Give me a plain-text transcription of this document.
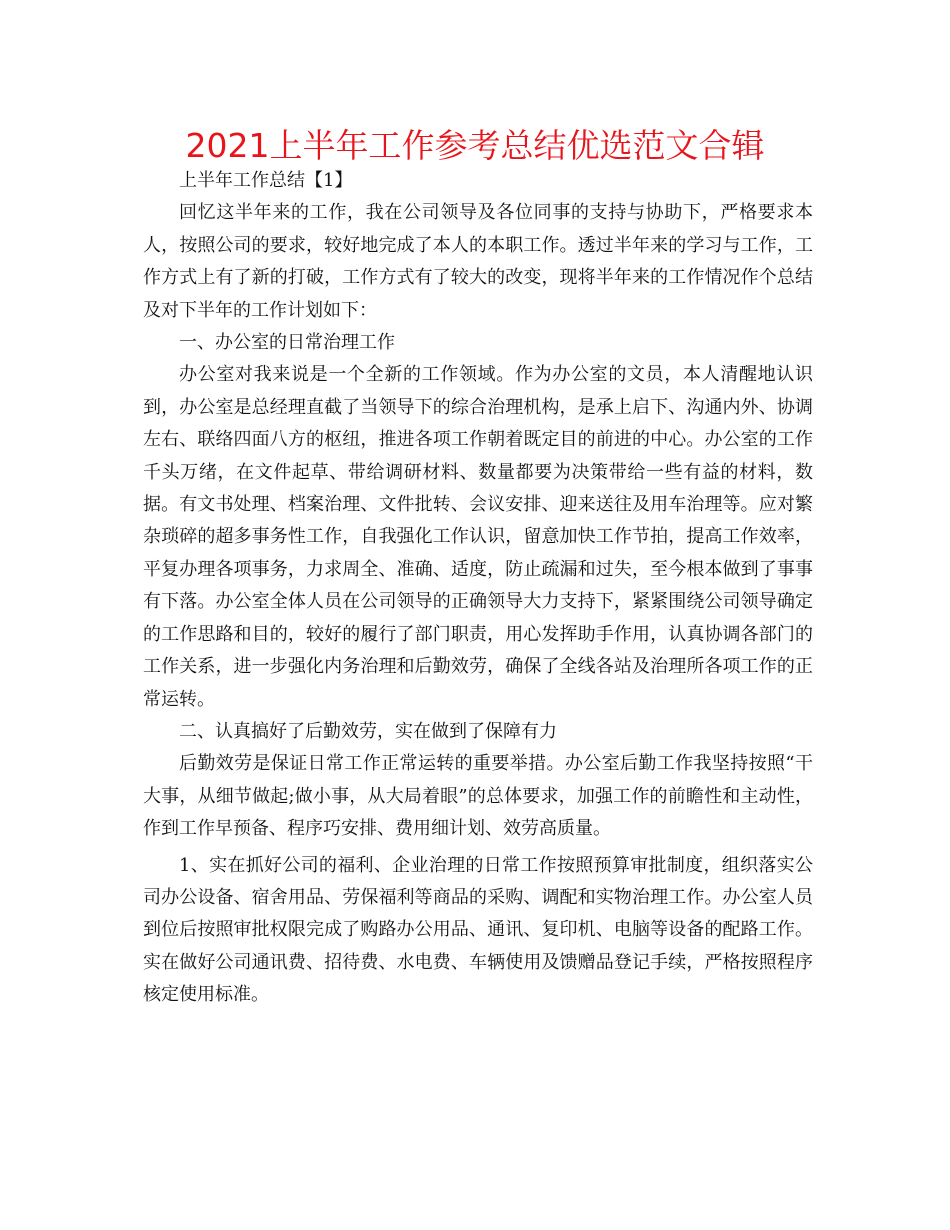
2021上半年工作参考总结优选范文合辑

上半年工作总结【1】

回忆这半年来的工作，我在公司领导及各位同事的支持与协助下，严格要求本人，按照公司的要求，较好地完成了本人的本职工作。透过半年来的学习与工作，工作方式上有了新的打破，工作方式有了较大的改变，现将半年来的工作情况作个总结及对下半年的工作计划如下：

一、办公室的日常治理工作

办公室对我来说是一个全新的工作领域。作为办公室的文员，本人清醒地认识到，办公室是总经理直截了当领导下的综合治理机构，是承上启下、沟通内外、协调左右、联络四面八方的枢纽，推进各项工作朝着既定目的前进的中心。办公室的工作千头万绪，在文件起草、带给调研材料、数量都要为决策带给一些有益的材料，数据。有文书处理、档案治理、文件批转、会议安排、迎来送往及用车治理等。应对繁杂琐碎的超多事务性工作，自我强化工作认识，留意加快工作节拍，提高工作效率，平复办理各项事务，力求周全、准确、适度，防止疏漏和过失，至今根本做到了事事有下落。办公室全体人员在公司领导的正确领导大力支持下，紧紧围绕公司领导确定的工作思路和目的，较好的履行了部门职责，用心发挥助手作用，认真协调各部门的工作关系，进一步强化内务治理和后勤效劳，确保了全线各站及治理所各项工作的正常运转。

二、认真搞好了后勤效劳，实在做到了保障有力

后勤效劳是保证日常工作正常运转的重要举措。办公室后勤工作我坚持按照“干大事，从细节做起;做小事，从大局着眼”的总体要求，加强工作的前瞻性和主动性，作到工作早预备、程序巧安排、费用细计划、效劳高质量。

1、实在抓好公司的福利、企业治理的日常工作按照预算审批制度，组织落实公司办公设备、宿舍用品、劳保福利等商品的采购、调配和实物治理工作。办公室人员到位后按照审批权限完成了购路办公用品、通讯、复印机、电脑等设备的配路工作。实在做好公司通讯费、招待费、水电费、车辆使用及馈赠品登记手续，严格按照程序核定使用标准。
